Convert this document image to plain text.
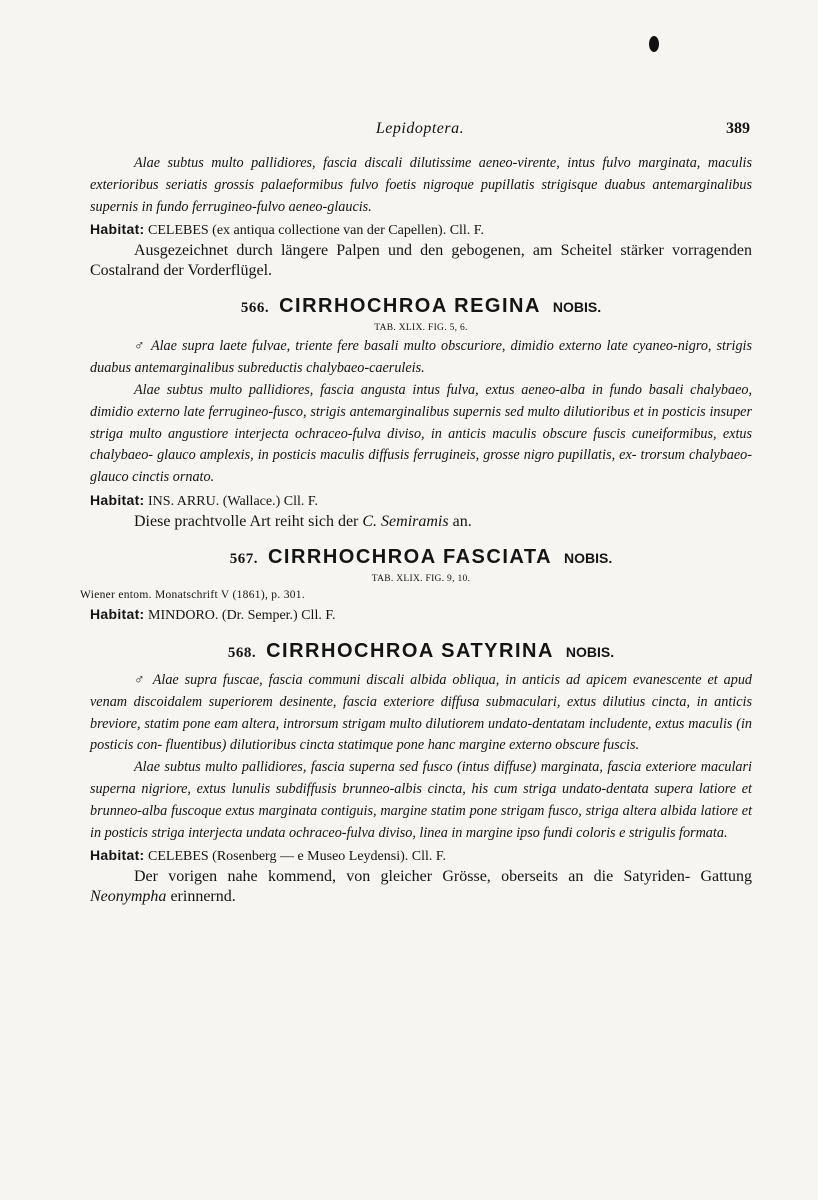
Lepidoptera.	389
Alae subtus multo pallidiores, fascia discali dilutissime aeneo-virente, intus fulvo marginata, maculis exterioribus seriatis grossis palaeformibus fulvo foetis nigroque pupillatis strigisque duabus antemarginalibus supernis in fundo ferrugineo-fulvo aeneo-glaucis.

Habitat: CELEBES (ex antiqua collectione van der Capellen). Cll. F.

Ausgezeichnet durch längere Palpen und den gebogenen, am Scheitel stärker vorragenden Costalrand der Vorderflügel.

566. CIRRHOCHROA REGINA NOBIS.
TAB. XLIX. FIG. 5, 6.
♂ Alae supra laete fulvae, triente fere basali multo obscuriore, dimidio externo late cyaneo-nigro, strigis duabus antemarginalibus subreductis chalybaeo-caeruleis.
Alae subtus multo pallidiores, fascia angusta intus fulva, extus aeneo-alba in fundo basali chalybaeo, dimidio externo late ferrugineo-fusco, strigis antemarginalibus supernis sed multo dilutioribus et in posticis insuper striga multo angustiore interjecta ochraceo-fulva diviso, in anticis maculis obscure fuscis cuneiformibus, extus chalybaeo- glauco amplexis, in posticis maculis diffusis ferrugineis, grosse nigro pupillatis, ex- trorsum chalybaeo-glauco cinctis ornato.

Habitat: INS. ARRU. (Wallace.) Cll. F.

Diese prachtvolle Art reiht sich der C. Semiramis an.

567. CIRRHOCHROA FASCIATA NOBIS.
TAB. XLIX. FIG. 9, 10.
Wiener entom. Monatschrift V (1861), p. 301.

Habitat: MINDORO. (Dr. Semper.) Cll. F.

568. CIRRHOCHROA SATYRINA NOBIS.
♂ Alae supra fuscae, fascia communi discali albida obliqua, in anticis ad apicem evanescente et apud venam discoidalem superiorem desinente, fascia exteriore diffusa submaculari, extus dilutius cincta, in anticis breviore, statim pone eam altera, introrsum strigam multo dilutiorem undato-dentatam includente, extus maculis (in posticis con- fluentibus) dilutioribus cincta statimque pone hanc margine externo obscure fuscis.
Alae subtus multo pallidiores, fascia superna sed fusco (intus diffuse) marginata, fascia exteriore maculari superna nigriore, extus lunulis subdiffusis brunneo-albis cincta, his cum striga undato-dentata supera latiore et brunneo-alba fuscoque extus marginata contiguis, margine statim pone strigam fusco, striga altera albida latiore et in posticis striga interjecta undata ochraceo-fulva diviso, linea in margine ipso fundi coloris e strigulis formata.

Habitat: CELEBES (Rosenberg — e Museo Leydensi). Cll. F.

Der vorigen nahe kommend, von gleicher Grösse, oberseits an die Satyriden- Gattung Neonympha erinnernd.
